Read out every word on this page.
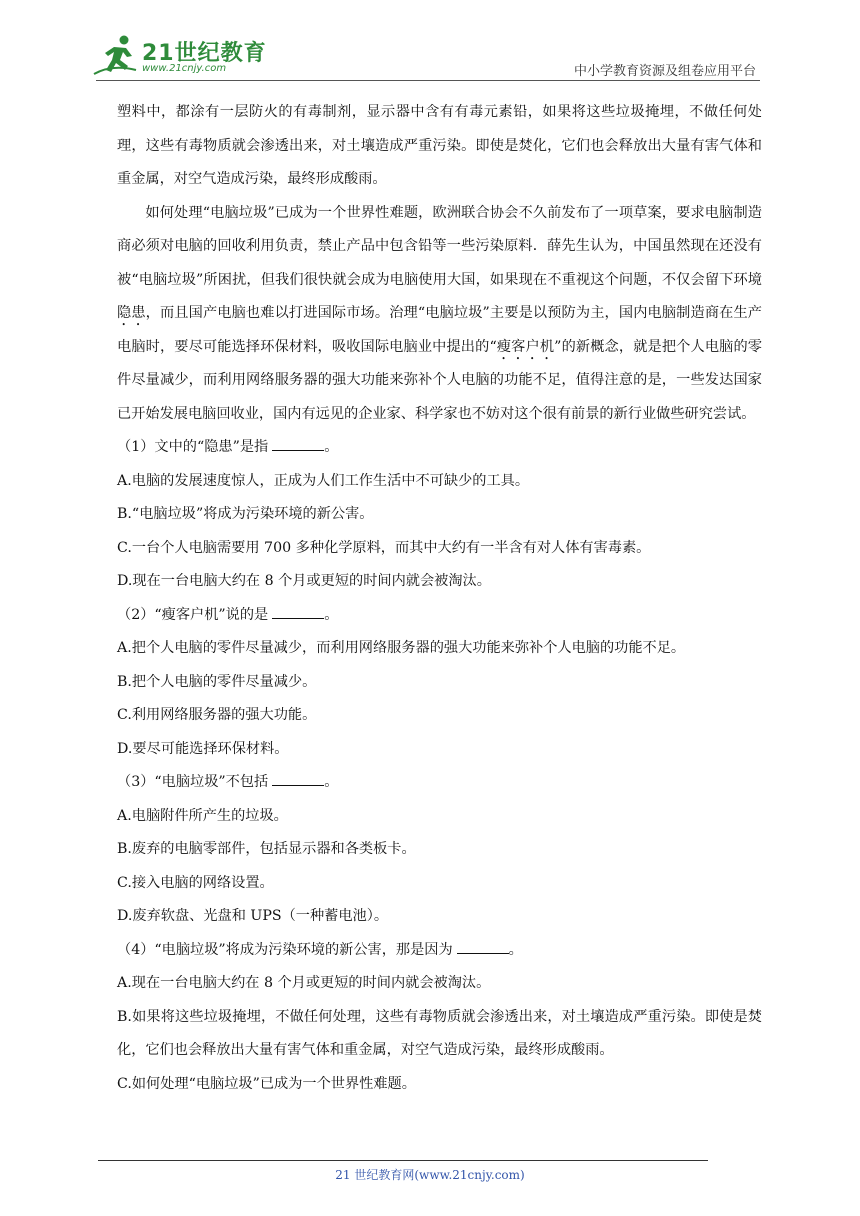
21世纪教育
www.21cnjy.com	中小学教育资源及组卷应用平台

塑料中，都涂有一层防火的有毒制剂，显示器中含有有毒元素铅，如果将这些垃圾掩埋，不做任何处理，这些有毒物质就会渗透出来，对土壤造成严重污染。即使是焚化，它们也会释放出大量有害气体和重金属，对空气造成污染，最终形成酸雨。

如何处理“电脑垃圾”已成为一个世界性难题，欧洲联合协会不久前发布了一项草案，要求电脑制造商必须对电脑的回收利用负责，禁止产品中包含铅等一些污染原料．薛先生认为，中国虽然现在还没有被“电脑垃圾”所困扰，但我们很快就会成为电脑使用大国，如果现在不重视这个问题，不仅会留下环境隐患，而且国产电脑也难以打进国际市场。治理“电脑垃圾”主要是以预防为主，国内电脑制造商在生产电脑时，要尽可能选择环保材料，吸收国际电脑业中提出的“瘦客户机”的新概念，就是把个人电脑的零件尽量减少，而利用网络服务器的强大功能来弥补个人电脑的功能不足，值得注意的是，一些发达国家已开始发展电脑回收业，国内有远见的企业家、科学家也不妨对这个很有前景的新行业做些研究尝试。

（1）文中的“隐患”是指	。

A.电脑的发展速度惊人，正成为人们工作生活中不可缺少的工具。

B.“电脑垃圾”将成为污染环境的新公害。

C.一台个人电脑需要用 700 多种化学原料，而其中大约有一半含有对人体有害毒素。

D.现在一台电脑大约在 8 个月或更短的时间内就会被淘汰。

（2）“瘦客户机”说的是	。

A.把个人电脑的零件尽量减少，而利用网络服务器的强大功能来弥补个人电脑的功能不足。

B.把个人电脑的零件尽量减少。

C.利用网络服务器的强大功能。

D.要尽可能选择环保材料。

（3）“电脑垃圾”不包括	。

A.电脑附件所产生的垃圾。

B.废弃的电脑零部件，包括显示器和各类板卡。

C.接入电脑的网络设置。

D.废弃软盘、光盘和 UPS（一种蓄电池）。

（4）“电脑垃圾”将成为污染环境的新公害，那是因为	。

A.现在一台电脑大约在 8 个月或更短的时间内就会被淘汰。

B.如果将这些垃圾掩埋，不做任何处理，这些有毒物质就会渗透出来，对土壤造成严重污染。即使是焚化，它们也会释放出大量有害气体和重金属，对空气造成污染，最终形成酸雨。

C.如何处理“电脑垃圾”已成为一个世界性难题。

21 世纪教育网(www.21cnjy.com)
